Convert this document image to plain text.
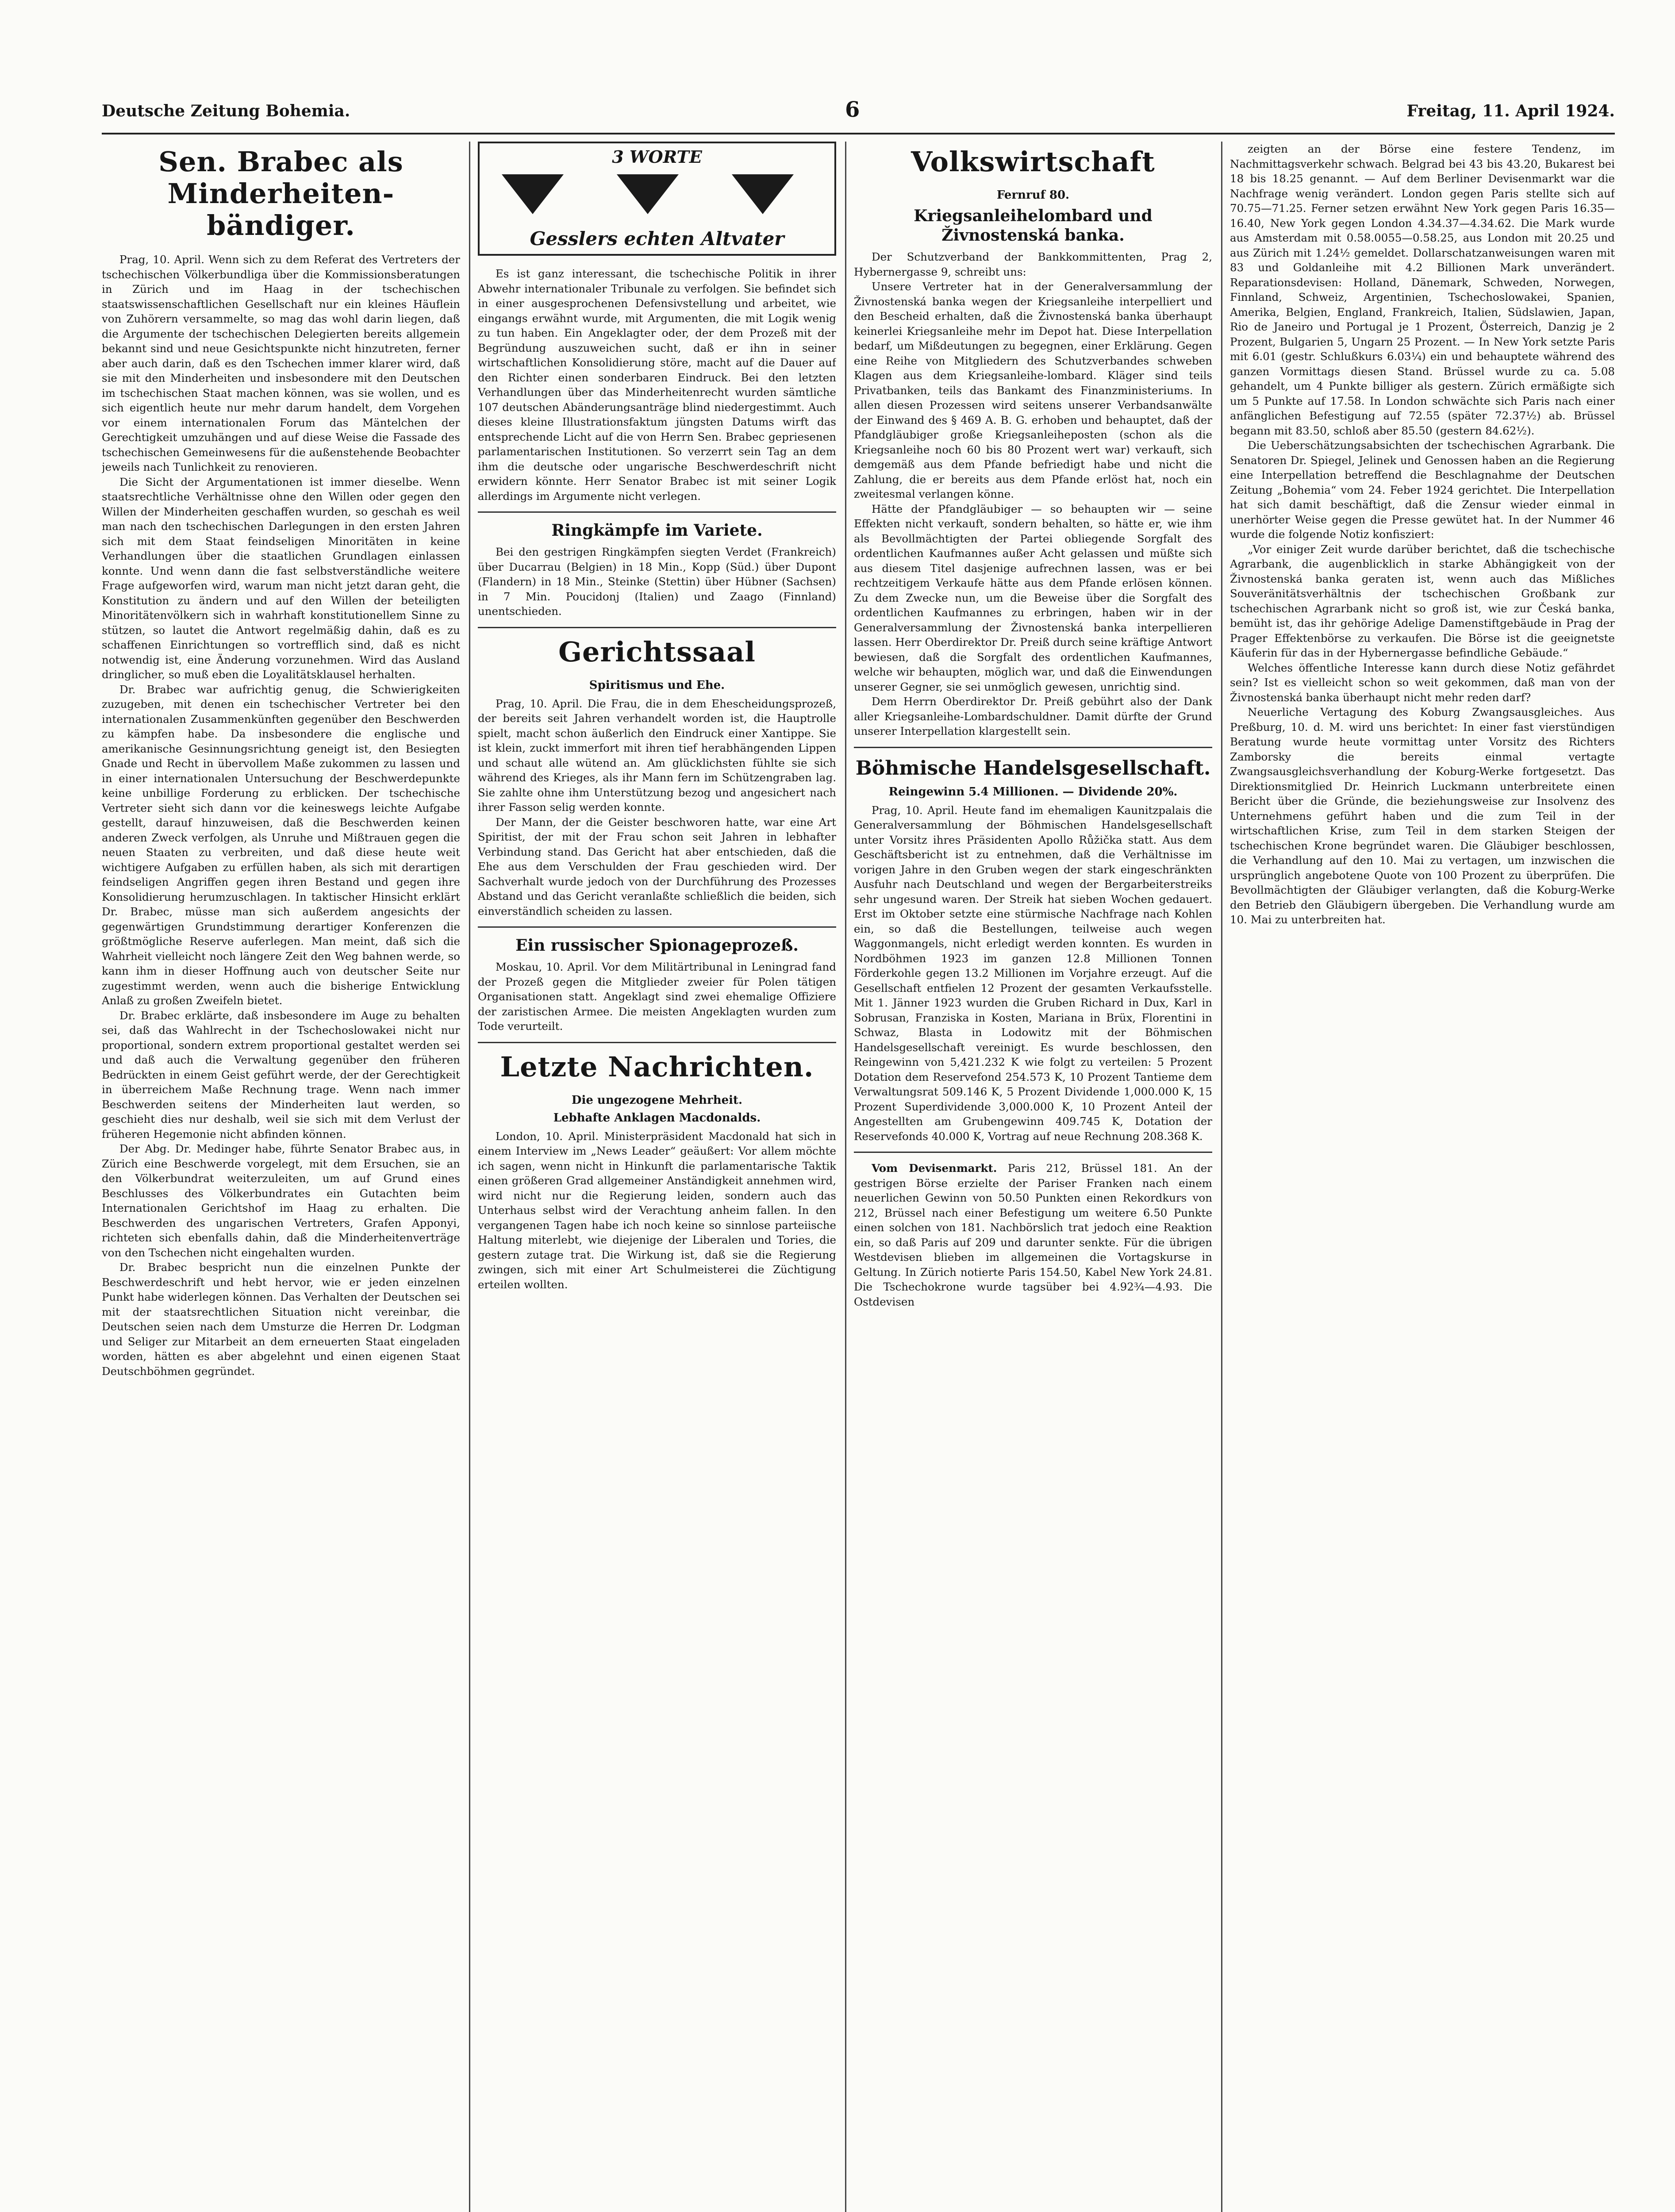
Deutsche Zeitung Bohemia.	6	Freitag, 11. April 1924.
Sen. Brabec als Minderheiten-bändiger.

Prag, 10. April. Wenn sich zu dem Referat des Vertreters der tschechischen Völkerbundliga über die Kommissionsberatungen in Zürich und im Haag in der tschechischen staatswissenschaftlichen Gesellschaft nur ein kleines Häuflein von Zuhörern versammelte, so mag das wohl darin liegen, daß die Argumente der tschechischen Delegierten bereits allgemein bekannt sind und neue Gesichtspunkte nicht hinzutreten, ferner aber auch darin, daß es den Tschechen immer klarer wird, daß sie mit den Minderheiten und insbesondere mit den Deutschen im tschechischen Staat machen können, was sie wollen, und es sich eigentlich heute nur mehr darum handelt, dem Vorgehen vor einem internationalen Forum das Mäntelchen der Gerechtigkeit umzuhängen und auf diese Weise die Fassade des tschechischen Gemeinwesens für die außenstehende Beobachter jeweils nach Tunlichkeit zu renovieren.

Die Sicht der Argumentationen ist immer dieselbe. Wenn staatsrechtliche Verhältnisse ohne den Willen oder gegen den Willen der Minderheiten geschaffen wurden, so geschah es weil man nach den tschechischen Darlegungen in den ersten Jahren sich mit dem Staat feindseligen Minoritäten in keine Verhandlungen über die staatlichen Grundlagen einlassen konnte. Und wenn dann die fast selbstverständliche weitere Frage aufgeworfen wird, warum man nicht jetzt daran geht, die Konstitution zu ändern und auf den Willen der beteiligten Minoritätenvölkern sich in wahrhaft konstitutionellem Sinne zu stützen, so lautet die Antwort regelmäßig dahin, daß es zu schaffenen Einrichtungen so vortrefflich sind, daß es nicht notwendig ist, eine Änderung vorzunehmen. Wird das Ausland dringlicher, so muß eben die Loyalitätsklausel herhalten.

Dr. Brabec war aufrichtig genug, die Schwierigkeiten zuzugeben, mit denen ein tschechischer Vertreter bei den internationalen Zusammenkünften gegenüber den Beschwerden zu kämpfen habe. Da insbesondere die englische und amerikanische Gesinnungsrichtung geneigt ist, den Besiegten Gnade und Recht in übervollem Maße zukommen zu lassen und in einer internationalen Untersuchung der Beschwerdepunkte keine unbillige Forderung zu erblicken. Der tschechische Vertreter sieht sich dann vor die keineswegs leichte Aufgabe gestellt, darauf hinzuweisen, daß die Beschwerden keinen anderen Zweck verfolgen, als Unruhe und Mißtrauen gegen die neuen Staaten zu verbreiten, und daß diese heute weit wichtigere Aufgaben zu erfüllen haben, als sich mit derartigen feindseligen Angriffen gegen ihren Bestand und gegen ihre Konsolidierung herumzuschlagen. In taktischer Hinsicht erklärt Dr. Brabec, müsse man sich außerdem angesichts der gegenwärtigen Grundstimmung derartiger Konferenzen die größtmögliche Reserve auferlegen. Man meint, daß sich die Wahrheit vielleicht noch längere Zeit den Weg bahnen werde, so kann ihm in dieser Hoffnung auch von deutscher Seite nur zugestimmt werden, wenn auch die bisherige Entwicklung Anlaß zu großen Zweifeln bietet.

Dr. Brabec erklärte, daß insbesondere im Auge zu behalten sei, daß das Wahlrecht in der Tschechoslowakei nicht nur proportional, sondern extrem proportional gestaltet werden sei und daß auch die Verwaltung gegenüber den früheren Bedrückten in einem Geist geführt werde, der der Gerechtigkeit in überreichem Maße Rechnung trage. Wenn nach immer Beschwerden seitens der Minderheiten laut werden, so geschieht dies nur deshalb, weil sie sich mit dem Verlust der früheren Hegemonie nicht abfinden können.

Der Abg. Dr. Medinger habe, führte Senator Brabec aus, in Zürich eine Beschwerde vorgelegt, mit dem Ersuchen, sie an den Völkerbundrat weiterzuleiten, um auf Grund eines Beschlusses des Völkerbundrates ein Gutachten beim Internationalen Gerichtshof im Haag zu erhalten. Die Beschwerden des ungarischen Vertreters, Grafen Apponyi, richteten sich ebenfalls dahin, daß die Minderheitenverträge von den Tschechen nicht eingehalten wurden.

Dr. Brabec bespricht nun die einzelnen Punkte der Beschwerdeschrift und hebt hervor, wie er jeden einzelnen Punkt habe widerlegen können. Das Verhalten der Deutschen sei mit der staatsrechtlichen Situation nicht vereinbar, die Deutschen seien nach dem Umsturze die Herren Dr. Lodgman und Seliger zur Mitarbeit an dem erneuerten Staat eingeladen worden, hätten es aber abgelehnt und einen eigenen Staat Deutschböhmen gegründet.

3 WORTE
Gesslers echten Altvater

Es ist ganz interessant, die tschechische Politik in ihrer Abwehr internationaler Tribunale zu verfolgen. Sie befindet sich in einer ausgesprochenen Defensivstellung und arbeitet, wie eingangs erwähnt wurde, mit Argumenten, die mit Logik wenig zu tun haben. Ein Angeklagter oder, der dem Prozeß mit der Begründung auszuweichen sucht, daß er ihn in seiner wirtschaftlichen Konsolidierung störe, macht auf die Dauer auf den Richter einen sonderbaren Eindruck. Bei den letzten Verhandlungen über das Minderheitenrecht wurden sämtliche 107 deutschen Abänderungsanträge blind niedergestimmt. Auch dieses kleine Illustrationsfaktum jüngsten Datums wirft das entsprechende Licht auf die von Herrn Sen. Brabec gepriesenen parlamentarischen Institutionen. So verzerrt sein Tag an dem ihm die deutsche oder ungarische Beschwerdeschrift nicht erwidern könnte. Herr Senator Brabec ist mit seiner Logik allerdings im Argumente nicht verlegen.

Ringkämpfe im Variete.

Bei den gestrigen Ringkämpfen siegten Verdet (Frankreich) über Ducarrau (Belgien) in 18 Min., Kopp (Süd.) über Dupont (Flandern) in 18 Min., Steinke (Stettin) über Hübner (Sachsen) in 7 Min. Poucidonj (Italien) und Zaago (Finnland) unentschieden.

Gerichtssaal
Spiritismus und Ehe.

Prag, 10. April. Die Frau, die in dem Ehescheidungsprozeß, der bereits seit Jahren verhandelt worden ist, die Hauptrolle spielt, macht schon äußerlich den Eindruck einer Xantippe. Sie ist klein, zuckt immerfort mit ihren tief herabhängenden Lippen und schaut alle wütend an. Am glücklichsten fühlte sie sich während des Krieges, als ihr Mann fern im Schützengraben lag. Sie zahlte ohne ihm Unterstützung bezog und angesichert nach ihrer Fasson selig werden konnte.

Der Mann, der die Geister beschworen hatte, war eine Art Spiritist, der mit der Frau schon seit Jahren in lebhafter Verbindung stand. Das Gericht hat aber entschieden, daß die Ehe aus dem Verschulden der Frau geschieden wird. Der Sachverhalt wurde jedoch von der Durchführung des Prozesses Abstand und das Gericht veranlaßte schließlich die beiden, sich einverständlich scheiden zu lassen.

Ein russischer Spionageprozeß.

Moskau, 10. April. Vor dem Militärtribunal in Leningrad fand der Prozeß gegen die Mitglieder zweier für Polen tätigen Organisationen statt. Angeklagt sind zwei ehemalige Offiziere der zaristischen Armee. Die meisten Angeklagten wurden zum Tode verurteilt.

Letzte Nachrichten.
Die ungezogene Mehrheit.
Lebhafte Anklagen Macdonalds.

London, 10. April. Ministerpräsident Macdonald hat sich in einem Interview im „News Leader“ geäußert: Vor allem möchte ich sagen, wenn nicht in Hinkunft die parlamentarische Taktik einen größeren Grad allgemeiner Anständigkeit annehmen wird, wird nicht nur die Regierung leiden, sondern auch das Unterhaus selbst wird der Verachtung anheim fallen. In den vergangenen Tagen habe ich noch keine so sinnlose parteiische Haltung miterlebt, wie diejenige der Liberalen und Tories, die gestern zutage trat. Die Wirkung ist, daß sie die Regierung zwingen, sich mit einer Art Schulmeisterei die Züchtigung erteilen wollten.

Volkswirtschaft
Fernruf 80.
Kriegsanleihelombard und Živnostenská banka.

Der Schutzverband der Bankkommittenten, Prag 2, Hybernergasse 9, schreibt uns:

Unsere Vertreter hat in der Generalversammlung der Živnostenská banka wegen der Kriegsanleihe interpelliert und den Bescheid erhalten, daß die Živnostenská banka überhaupt keinerlei Kriegsanleihe mehr im Depot hat. Diese Interpellation bedarf, um Mißdeutungen zu begegnen, einer Erklärung. Gegen eine Reihe von Mitgliedern des Schutzverbandes schweben Klagen aus dem Kriegsanleihe-lombard. Kläger sind teils Privatbanken, teils das Bankamt des Finanzministeriums. In allen diesen Prozessen wird seitens unserer Verbandsanwälte der Einwand des § 469 A. B. G. erhoben und behauptet, daß der Pfandgläubiger große Kriegsanleiheposten (schon als die Kriegsanleihe noch 60 bis 80 Prozent wert war) verkauft, sich demgemäß aus dem Pfande befriedigt habe und nicht die Zahlung, die er bereits aus dem Pfande erlöst hat, noch ein zweitesmal verlangen könne.

Hätte der Pfandgläubiger — so behaupten wir — seine Effekten nicht verkauft, sondern behalten, so hätte er, wie ihm als Bevollmächtigten der Partei obliegende Sorgfalt des ordentlichen Kaufmannes außer Acht gelassen und müßte sich aus diesem Titel dasjenige aufrechnen lassen, was er bei rechtzeitigem Verkaufe hätte aus dem Pfande erlösen können. Zu dem Zwecke nun, um die Beweise über die Sorgfalt des ordentlichen Kaufmannes zu erbringen, haben wir in der Generalversammlung der Živnostenská banka interpellieren lassen. Herr Oberdirektor Dr. Preiß durch seine kräftige Antwort bewiesen, daß die Sorgfalt des ordentlichen Kaufmannes, welche wir behaupten, möglich war, und daß die Einwendungen unserer Gegner, sie sei unmöglich gewesen, unrichtig sind.

Dem Herrn Oberdirektor Dr. Preiß gebührt also der Dank aller Kriegsanleihe-Lombardschuldner. Damit dürfte der Grund unserer Interpellation klargestellt sein.

Böhmische Handelsgesellschaft.
Reingewinn 5.4 Millionen. — Dividende 20%.

Prag, 10. April. Heute fand im ehemaligen Kaunitzpalais die Generalversammlung der Böhmischen Handelsgesellschaft unter Vorsitz ihres Präsidenten Apollo Růžička statt. Aus dem Geschäftsbericht ist zu entnehmen, daß die Verhältnisse im vorigen Jahre in den Gruben wegen der stark eingeschränkten Ausfuhr nach Deutschland und wegen der Bergarbeiterstreiks sehr ungesund waren. Der Streik hat sieben Wochen gedauert. Erst im Oktober setzte eine stürmische Nachfrage nach Kohlen ein, so daß die Bestellungen, teilweise auch wegen Waggonmangels, nicht erledigt werden konnten. Es wurden in Nordböhmen 1923 im ganzen 12.8 Millionen Tonnen Förderkohle gegen 13.2 Millionen im Vorjahre erzeugt. Auf die Gesellschaft entfielen 12 Prozent der gesamten Verkaufsstelle. Mit 1. Jänner 1923 wurden die Gruben Richard in Dux, Karl in Sobrusan, Franziska in Kosten, Mariana in Brüx, Florentini in Schwaz, Blasta in Lodowitz mit der Böhmischen Handelsgesellschaft vereinigt. Es wurde beschlossen, den Reingewinn von 5,421.232 K wie folgt zu verteilen: 5 Prozent Dotation dem Reservefond 254.573 K, 10 Prozent Tantieme dem Verwaltungsrat 509.146 K, 5 Prozent Dividende 1,000.000 K, 15 Prozent Superdividende 3,000.000 K, 10 Prozent Anteil der Angestellten am Grubengewinn 409.745 K, Dotation der Reservefonds 40.000 K, Vortrag auf neue Rechnung 208.368 K.

Vom Devisenmarkt. Paris 212, Brüssel 181. An der gestrigen Börse erzielte der Pariser Franken nach einem neuerlichen Gewinn von 50.50 Punkten einen Rekordkurs von 212, Brüssel nach einer Befestigung um weitere 6.50 Punkte einen solchen von 181. Nachbörslich trat jedoch eine Reaktion ein, so daß Paris auf 209 und darunter senkte. Für die übrigen Westdevisen blieben im allgemeinen die Vortagskurse in Geltung. In Zürich notierte Paris 154.50, Kabel New York 24.81. Die Tschechokrone wurde tagsüber bei 4.92¾—4.93. Die Ostdevisen

zeigten an der Börse eine festere Tendenz, im Nachmittagsverkehr schwach. Belgrad bei 43 bis 43.20, Bukarest bei 18 bis 18.25 genannt. — Auf dem Berliner Devisenmarkt war die Nachfrage wenig verändert. London gegen Paris stellte sich auf 70.75—71.25. Ferner setzen erwähnt New York gegen Paris 16.35—16.40, New York gegen London 4.34.37—4.34.62. Die Mark wurde aus Amsterdam mit 0.58.0055—0.58.25, aus London mit 20.25 und aus Zürich mit 1.24½ gemeldet. Dollarschatzanweisungen waren mit 83 und Goldanleihe mit 4.2 Billionen Mark unverändert. Reparationsdevisen: Holland, Dänemark, Schweden, Norwegen, Finnland, Schweiz, Argentinien, Tschechoslowakei, Spanien, Amerika, Belgien, England, Frankreich, Italien, Südslawien, Japan, Rio de Janeiro und Portugal je 1 Prozent, Österreich, Danzig je 2 Prozent, Bulgarien 5, Ungarn 25 Prozent. — In New York setzte Paris mit 6.01 (gestr. Schlußkurs 6.03¼) ein und behauptete während des ganzen Vormittags diesen Stand. Brüssel wurde zu ca. 5.08 gehandelt, um 4 Punkte billiger als gestern. Zürich ermäßigte sich um 5 Punkte auf 17.58. In London schwächte sich Paris nach einer anfänglichen Befestigung auf 72.55 (später 72.37½) ab. Brüssel begann mit 83.50, schloß aber 85.50 (gestern 84.62½).

Die Ueberschätzungsabsichten der tschechischen Agrarbank. Die Senatoren Dr. Spiegel, Jelinek und Genossen haben an die Regierung eine Interpellation betreffend die Beschlagnahme der Deutschen Zeitung „Bohemia“ vom 24. Feber 1924 gerichtet. Die Interpellation hat sich damit beschäftigt, daß die Zensur wieder einmal in unerhörter Weise gegen die Presse gewütet hat. In der Nummer 46 wurde die folgende Notiz konfisziert:

„Vor einiger Zeit wurde darüber berichtet, daß die tschechische Agrarbank, die augenblicklich in starke Abhängigkeit von der Živnostenská banka geraten ist, wenn auch das Mißliches Souveränitätsverhältnis der tschechischen Großbank zur tschechischen Agrarbank nicht so groß ist, wie zur Česká banka, bemüht ist, das ihr gehörige Adelige Damenstiftgebäude in Prag der Prager Effektenbörse zu verkaufen. Die Börse ist die geeignetste Käuferin für das in der Hybernergasse befindliche Gebäude.“

Welches öffentliche Interesse kann durch diese Notiz gefährdet sein? Ist es vielleicht schon so weit gekommen, daß man von der Živnostenská banka überhaupt nicht mehr reden darf?

Neuerliche Vertagung des Koburg Zwangsausgleiches. Aus Preßburg, 10. d. M. wird uns berichtet: In einer fast vierstündigen Beratung wurde heute vormittag unter Vorsitz des Richters Zamborsky die bereits einmal vertagte Zwangsausgleichsverhandlung der Koburg-Werke fortgesetzt. Das Direktionsmitglied Dr. Heinrich Luckmann unterbreitete einen Bericht über die Gründe, die beziehungsweise zur Insolvenz des Unternehmens geführt haben und die zum Teil in der wirtschaftlichen Krise, zum Teil in dem starken Steigen der tschechischen Krone begründet waren. Die Gläubiger beschlossen, die Verhandlung auf den 10. Mai zu vertagen, um inzwischen die ursprünglich angebotene Quote von 100 Prozent zu überprüfen. Die Bevollmächtigten der Gläubiger verlangten, daß die Koburg-Werke den Betrieb den Gläubigern übergeben. Die Verhandlung wurde am 10. Mai zu unterbreiten hat.
